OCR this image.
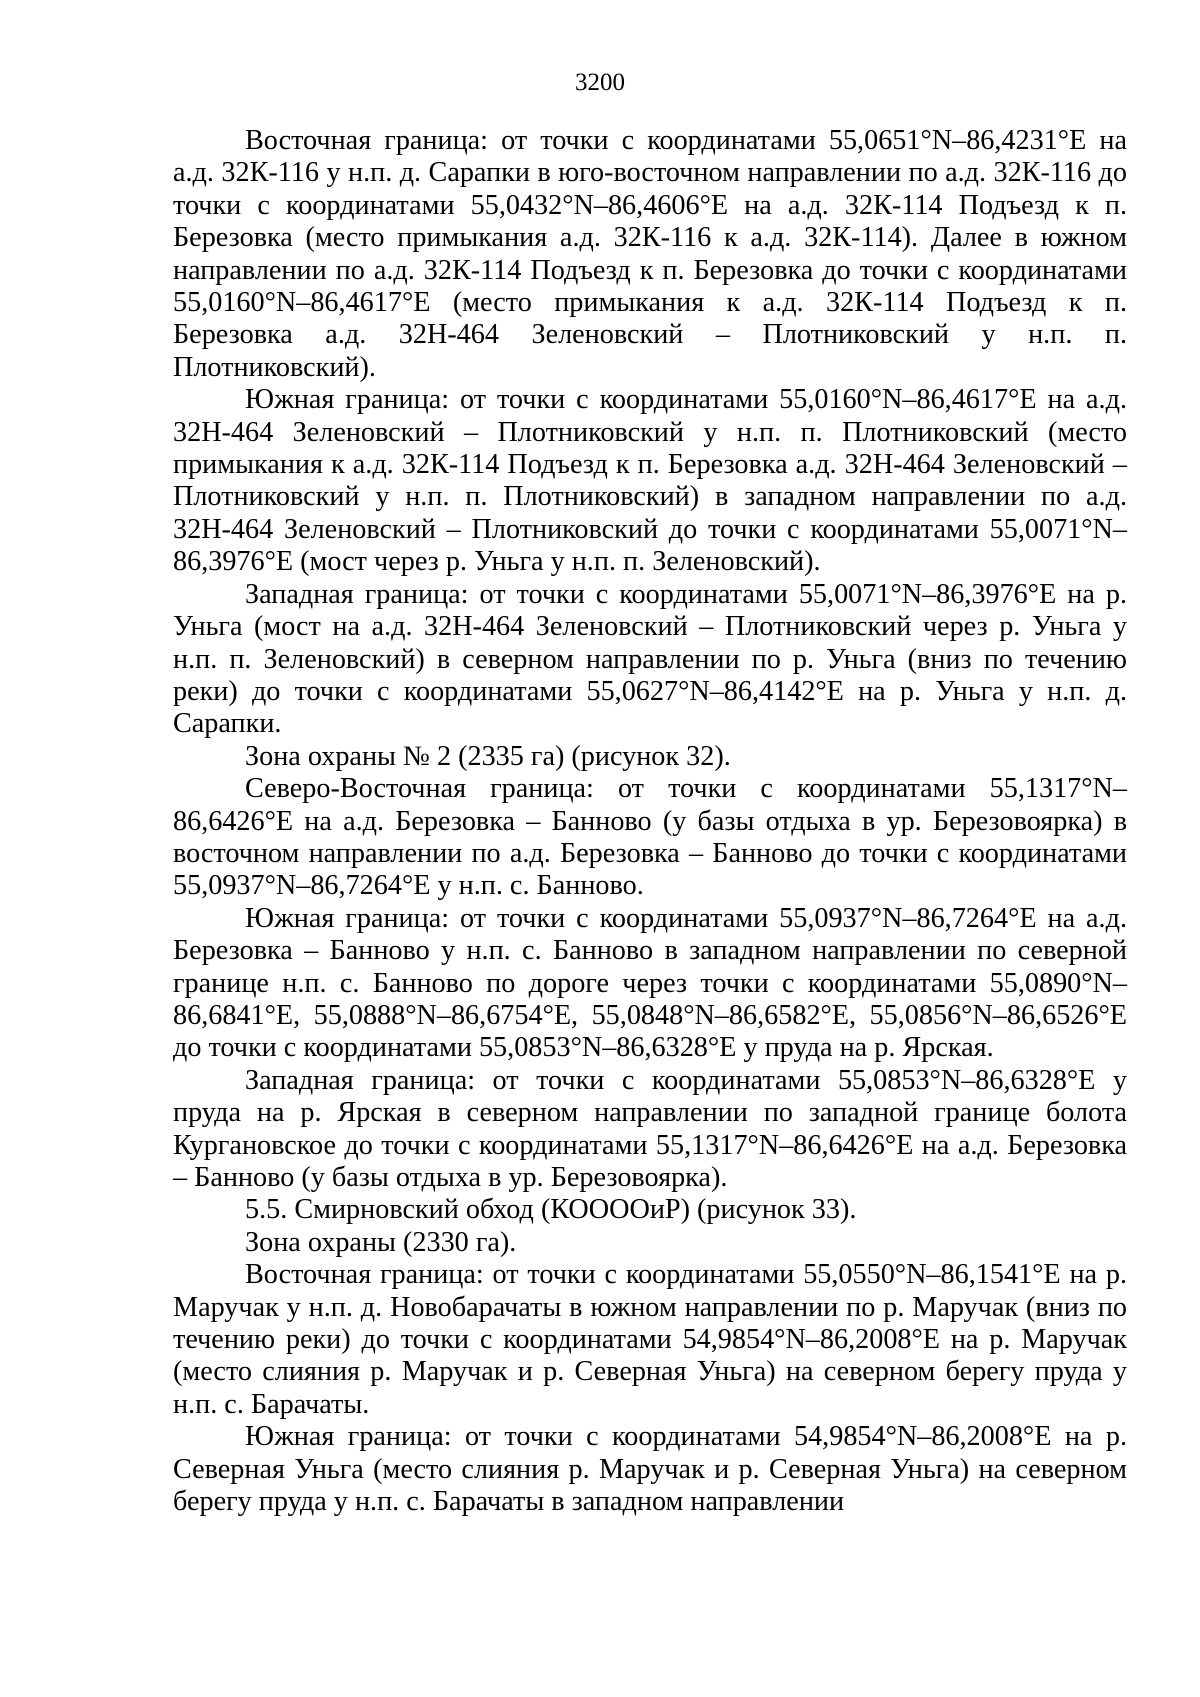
3200

Восточная граница: от точки с координатами 55,0651°N–86,4231°E на а.д. 32К-116 у н.п. д. Сарапки в юго-восточном направлении по а.д. 32К-116 до точки с координатами 55,0432°N–86,4606°E на а.д. 32К-114 Подъезд к п. Березовка (место примыкания а.д. 32К-116 к а.д. 32К-114). Далее в южном направлении по а.д. 32К-114 Подъезд к п. Березовка до точки с координатами 55,0160°N–86,4617°E (место примыкания к а.д. 32К-114 Подъезд к п. Березовка а.д. 32Н-464 Зеленовский – Плотниковский у н.п. п. Плотниковский).

Южная граница: от точки с координатами 55,0160°N–86,4617°E на а.д. 32Н-464 Зеленовский – Плотниковский у н.п. п. Плотниковский (место примыкания к а.д. 32К-114 Подъезд к п. Березовка а.д. 32Н-464 Зеленовский – Плотниковский у н.п. п. Плотниковский) в западном направлении по а.д. 32Н-464 Зеленовский – Плотниковский до точки с координатами 55,0071°N–86,3976°E (мост через р. Уньга у н.п. п. Зеленовский).

Западная граница: от точки с координатами 55,0071°N–86,3976°E на р. Уньга (мост на а.д. 32Н-464 Зеленовский – Плотниковский через р. Уньга у н.п. п. Зеленовский) в северном направлении по р. Уньга (вниз по течению реки) до точки с координатами 55,0627°N–86,4142°E на р. Уньга у н.п. д. Сарапки.

Зона охраны № 2 (2335 га) (рисунок 32).

Северо-Восточная граница: от точки с координатами 55,1317°N–86,6426°E на а.д. Березовка – Банново (у базы отдыха в ур. Березовоярка) в восточном направлении по а.д. Березовка – Банново до точки с координатами 55,0937°N–86,7264°E у н.п. с. Банново.

Южная граница: от точки с координатами 55,0937°N–86,7264°E на а.д. Березовка – Банново у н.п. с. Банново в западном направлении по северной границе н.п. с. Банново по дороге через точки с координатами 55,0890°N–86,6841°E, 55,0888°N–86,6754°E, 55,0848°N–86,6582°E, 55,0856°N–86,6526°E до точки с координатами 55,0853°N–86,6328°E у пруда на р. Ярская.

Западная граница: от точки с координатами 55,0853°N–86,6328°E у пруда на р. Ярская в северном направлении по западной границе болота Кургановское до точки с координатами 55,1317°N–86,6426°E на а.д. Березовка – Банново (у базы отдыха в ур. Березовоярка).

5.5. Смирновский обход (КООООиР) (рисунок 33).

Зона охраны (2330 га).

Восточная граница: от точки с координатами 55,0550°N–86,1541°E на р. Маручак у н.п. д. Новобарачаты в южном направлении по р. Маручак (вниз по течению реки) до точки с координатами 54,9854°N–86,2008°E на р. Маручак (место слияния р. Маручак и р. Северная Уньга) на северном берегу пруда у н.п. с. Барачаты.

Южная граница: от точки с координатами 54,9854°N–86,2008°E на р. Северная Уньга (место слияния р. Маручак и р. Северная Уньга) на северном берегу пруда у н.п. с. Барачаты в западном направлении
